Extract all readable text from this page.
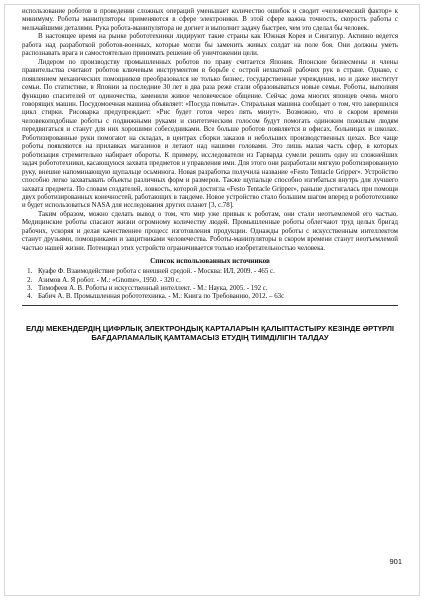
использование роботов в проведении сложных операций уменьшает количество ошибок и сводит «человеческий фактор» к минимуму. Роботы манипуляторы применяются в сфере электроники. В этой сфере важна точность, скорость работы с мельчайшими деталями. Рука робота-манипулятора не догнет и выполнит задачу быстрее, чем это сделал бы человек.

В настоящее время на рынке робототехники лидируют такие страны как Южная Корея и Сингапур. Активно ведется работа над разработкой роботов-военных, которые могли бы заменить живых солдат на поле боя. Они должны уметь распознавать врага и самостоятельно принимать решение об уничтожении цели.

Лидером по производству промышленных роботов по праву считается Япония. Японские бизнесмены и члены правительства считают роботов ключевым инструментом в борьбе с острой нехваткой рабочих рук в стране. Однако, с появлением механических помощников преобразовался не только бизнес, государственные учреждения, но и даже институт семьи. По статистике, в Японии за последние 30 лет в два раза реже стали образовываться новые семьи. Роботы, выполняя функцию спасителей от одиночества, заменили живое человеческое общение. Сейчас дома многих японцев очень много говорящих машин. Посудомоечная машина объявляет: «Посуда помыта». Стиральная машина сообщает о том, что завершился цикл стирки. Рисоварка предупреждает: «Рис будет готов через пять минут». Возможно, что в скором времени человекоподобные роботы с подвижными руками и синтетическим голосом будут помогать одиноким пожилым людям передвигаться и станут для них хорошими собеседниками. Все больше роботов появляется в офисах, больницах и школах. Роботизированные руки помогают на складах, в центрах сборки заказов и небольших производственных цехах. Все чаще роботы появляются на прилавках магазинов и летают над нашими головами. Это лишь малая часть сфер, в которых роботизация стремительно набирает обороты. К примеру, исследователи из Гарварда сумели решить одну из сложнейших задач робототехники, касающуюся захвата предметов и управления ими. Для этого они разработали мягкую роботизированную руку, внешне напоминающую щупальце осьминога. Новая разработка получила название «Festo Tentacle Gripper». Устройство способно легко захватывать объекты различных форм и размеров. Также щупальце способно изгибаться внутрь для лучшего захвата предмета. По словам создателей, ловкость, которой достигла «Festo Tentacle Gripper», раньше достигалась при помощи двух роботизированных конечностей, работающих в тандеме. Новое устройство стало большим шагом вперед в робототехнике и будет использоваться NASA для исследования других планет [3, с.78].

Таким образом, можно сделать вывод о том, что мир уже привык к роботам, они стали неотъемлемой его частью. Медицинские роботы спасают жизни огромному количеству людей. Промышленные роботы облегчают труд целых бригад рабочих, ускоряя и делая качественнее процесс изготовления продукции. Однажды роботы с искусственным интеллектом станут друзьями, помощниками и защитниками человечества. Роботы-манипуляторы в скором времени станут неотъемлемой частью нашей жизни. Потенциал этих устройств ограничивается только изобретательностью человека.

Список использованных источников
1. Куафе Ф. Взаимодействие робота с внешней средой. - Москва: ИЛ, 2009. - 465 с.
2. Азимов А. Я робот. - М.: «Gnome», 1950. - 320 с.
3. Тимофеев А. В. Роботы и искусственный интеллект. - М.: Наука, 2005. - 192 с.
4. Бабич А. В. Промышленная робототехника. - М.: Книга по Требованию, 2012. – 63с
ЕЛДІ МЕКЕНДЕРДІҢ ЦИФРЛЫҚ ЭЛЕКТРОНДЫҚ КАРТАЛАРЫН ҚАЛЫПТАСТЫРУ КЕЗІНДЕ ӘРТҮРЛІ БАҒДАРЛАМАЛЫҚ ҚАМТАМАСЫЗ ЕТУДІҢ ТИІМДІЛІГІН ТАЛДАУ
901
